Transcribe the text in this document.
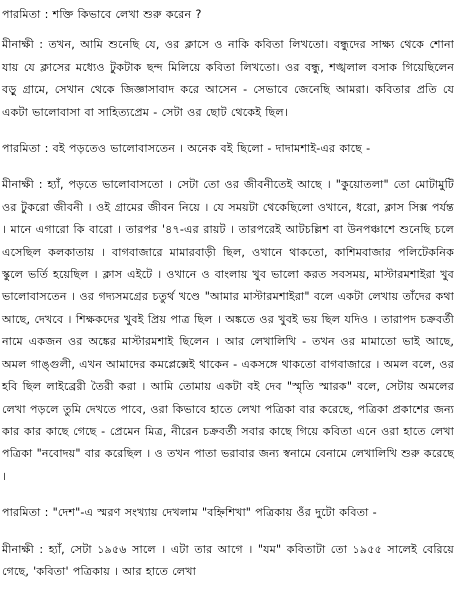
পারমিতা : শক্তি কিভাবে লেখা শুরু করেন ?

মীনাক্ষী : তখন, আমি শুনেছি যে, ওর ক্লাসে ও নাকি কবিতা লিখতো। বন্ধুদের সাক্ষ্য থেকে শোনা যায় যে ক্লাসের মধ্যেও টুকটাক ছন্দ মিলিয়ে কবিতা লিখতো। ওর বন্ধু, শঙ্খলাল বসাক গিয়েছিলেন বড়ু গ্রামে, সেখান থেকে জিজ্ঞাসাবাদ করে আসেন - সেভাবে জেনেছি আমরা। কবিতার প্রতি যে একটা ভালোবাসা বা সাহিত্যপ্রেম - সেটা ওর ছোট থেকেই ছিল।

পারমিতা : বই পড়তেও ভালোবাসতেন । অনেক বই ছিলো - দাদামশাই-এর কাছে -

মীনাক্ষী : হ্যাঁ, পড়তে ভালোবাসতো । সেটা তো ওর জীবনীতেই আছে । "কুয়োতলা" তো মোটামুটি ওর টুকরো জীবনী । ওই গ্রামের জীবন নিয়ে । যে সময়টা থেকেছিলো ওখানে, ধরো, ক্লাস সিক্স পর্যন্ত । মানে এগারো কি বারো । তারপর '৪৭-এর রায়ট । তারপরেই আটচল্লিশ বা উনপঞ্চাশে শুনেছি চলে এসেছিল কলকাতায় । বাগবাজারে মামারবাড়ী ছিল, ওখানে থাকতো, কাশিমবাজার পলিটেকনিক স্কুলে ভর্তি হয়েছিল । ক্লাস এইটে । ওখানে ও বাংলায় খুব ভালো করত সবসময়, মাস্টারমশাইরা খুব ভালোবাসতেন । ওর গদ্যসমগ্রের চতুর্থ খণ্ডে "আমার মাস্টারমশাইরা" বলে একটা লেখায় তাঁদের কথা আছে, দেখবে । শিক্ষকদের খুবই প্রিয় পাত্র ছিল । অঙ্কতে ওর খুবই ভয় ছিল যদিও । তারাপদ চক্রবর্তী নামে একজন ওর অঙ্কের মাস্টারমশাই ছিলেন । আর লেখালিখি - তখন ওর মামাতো ভাই আছে, অমল গাঙ্গুলী, এখন আমাদের কমপ্লেক্সেই থাকেন - একসঙ্গে থাকতো বাগবাজারে । অমল বলে, ওর হবি ছিল লাইব্রেরী তৈরী করা । আমি তোমায় একটা বই দেব "স্মৃতি স্মারক" বলে, সেটায় অমলের লেখা পড়লে তুমি দেখতে পাবে, ওরা কিভাবে হাতে লেখা পত্রিকা বার করেছে, পত্রিকা প্রকাশের জন্য কার কার কাছে গেছে - প্রেমেন মিত্র, নীরেন চক্রবর্তী সবার কাছে গিয়ে কবিতা এনে ওরা হাতে লেখা পত্রিকা "নবোদয়" বার করেছিল । ও তখন পাতা ভরাবার জন্য স্বনামে বেনামে লেখালিখি শুরু করেছে ।

পারমিতা : "দেশ"-এ স্মরণ সংখ্যায় দেখলাম "বহ্নিশিখা" পত্রিকায় ওঁর দুটো কবিতা -

মীনাক্ষী : হ্যাঁ, সেটা ১৯৫৬ সালে । এটা তার আগে । "যম" কবিতাটা তো ১৯৫৫ সালেই বেরিয়ে গেছে, 'কবিতা' পত্রিকায় । আর হাতে লেখা
